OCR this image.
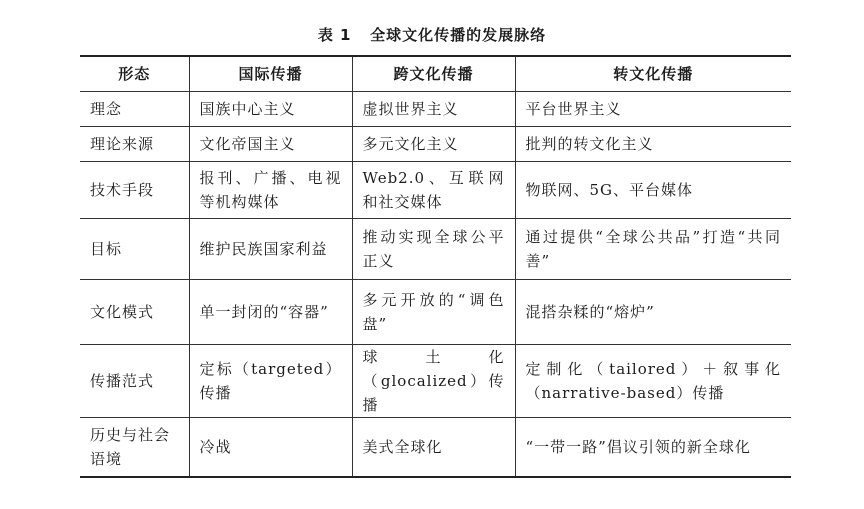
表 1   全球文化传播的发展脉络
形态	国际传播	跨文化传播	转文化传播

理念	国族中心主义	虚拟世界主义	平台世界主义

理论来源	文化帝国主义	多元文化主义	批判的转文化主义

技术手段	报刊、广播、电视等机构媒体	Web2.0、互联网和社交媒体	物联网、5G、平台媒体

目标	维护民族国家利益	推动实现全球公平正义	通过提供“全球公共品”打造“共同善”

文化模式	单一封闭的“容器”	多元开放的“调色盘”	混搭杂糅的“熔炉”

传播范式	定标（targeted）传播	球土化（glocalized）传播	定制化（tailored）＋叙事化（narrative-based）传播

历史与社会语境	冷战	美式全球化	“一带一路”倡议引领的新全球化
